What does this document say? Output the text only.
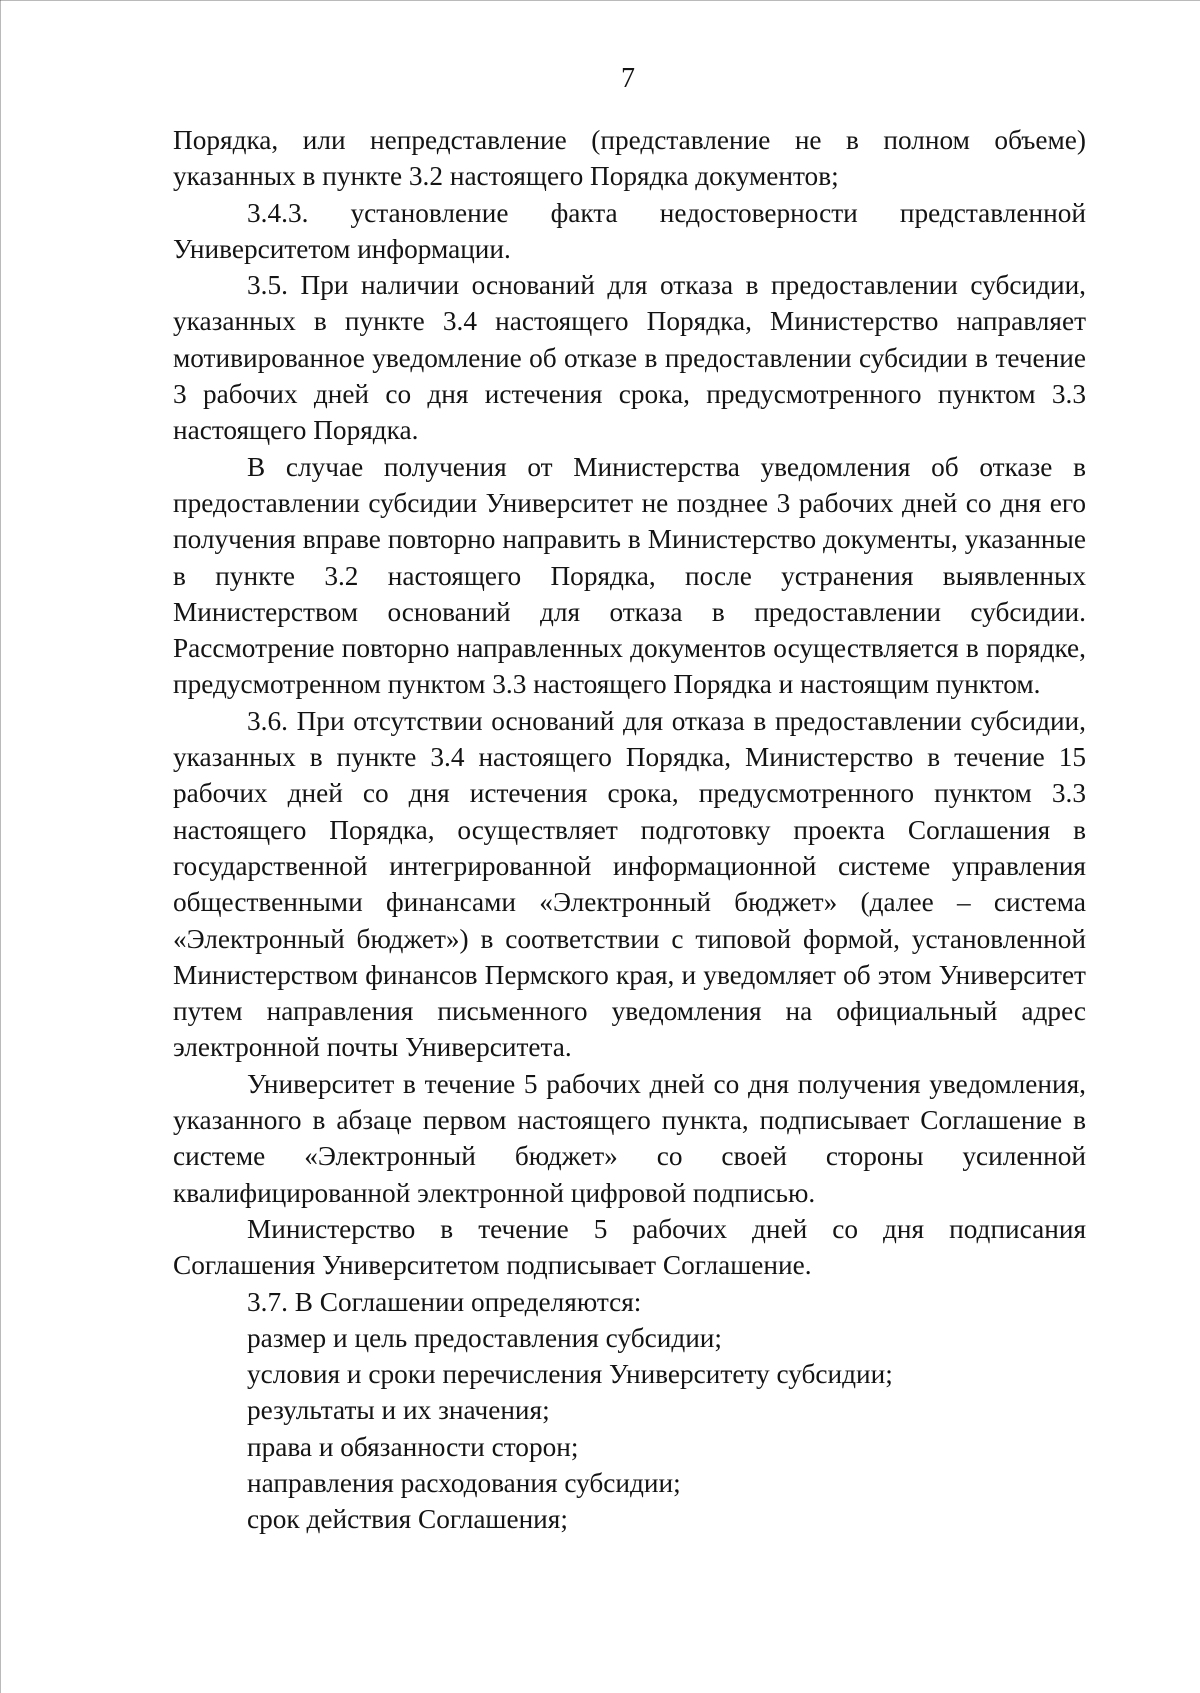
7

Порядка, или непредставление (представление не в полном объеме) указанных в пункте 3.2 настоящего Порядка документов;

3.4.3. установление факта недостоверности представленной Университетом информации.

3.5. При наличии оснований для отказа в предоставлении субсидии, указанных в пункте 3.4 настоящего Порядка, Министерство направляет мотивированное уведомление об отказе в предоставлении субсидии в течение 3 рабочих дней со дня истечения срока, предусмотренного пунктом 3.3 настоящего Порядка.

В случае получения от Министерства уведомления об отказе в предоставлении субсидии Университет не позднее 3 рабочих дней со дня его получения вправе повторно направить в Министерство документы, указанные в пункте 3.2 настоящего Порядка, после устранения выявленных Министерством оснований для отказа в предоставлении субсидии. Рассмотрение повторно направленных документов осуществляется в порядке, предусмотренном пунктом 3.3 настоящего Порядка и настоящим пунктом.

3.6. При отсутствии оснований для отказа в предоставлении субсидии, указанных в пункте 3.4 настоящего Порядка, Министерство в течение 15 рабочих дней со дня истечения срока, предусмотренного пунктом 3.3 настоящего Порядка, осуществляет подготовку проекта Соглашения в государственной интегрированной информационной системе управления общественными финансами «Электронный бюджет» (далее – система «Электронный бюджет») в соответствии с типовой формой, установленной Министерством финансов Пермского края, и уведомляет об этом Университет путем направления письменного уведомления на официальный адрес электронной почты Университета.

Университет в течение 5 рабочих дней со дня получения уведомления, указанного в абзаце первом настоящего пункта, подписывает Соглашение в системе «Электронный бюджет» со своей стороны усиленной квалифицированной электронной цифровой подписью.

Министерство в течение 5 рабочих дней со дня подписания Соглашения Университетом подписывает Соглашение.

3.7. В Соглашении определяются:

размер и цель предоставления субсидии;

условия и сроки перечисления Университету субсидии;

результаты и их значения;

права и обязанности сторон;

направления расходования субсидии;

срок действия Соглашения;
